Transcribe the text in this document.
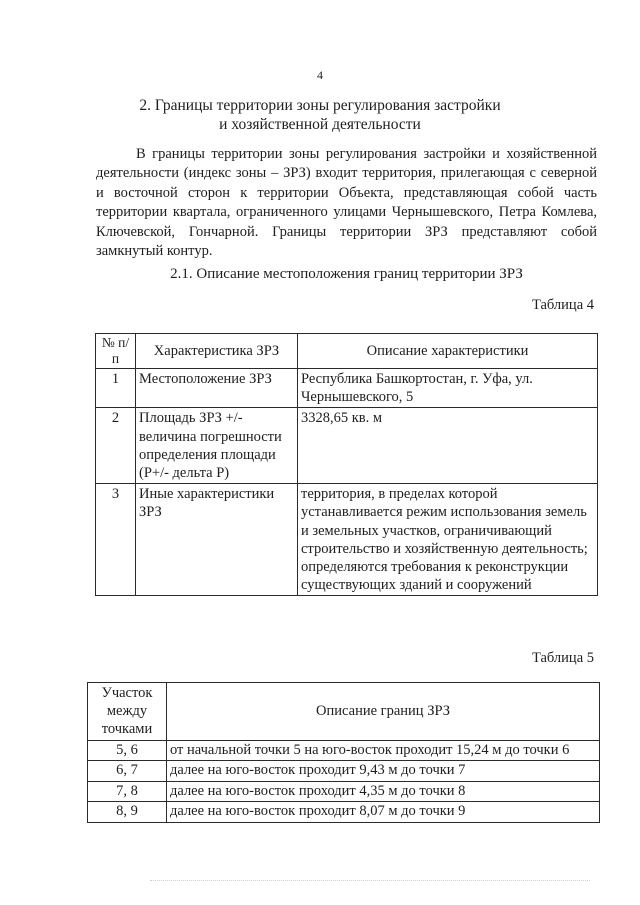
4
2. Границы территории зоны регулирования застройки
и хозяйственной деятельности
В границы территории зоны регулирования застройки и хозяйственной деятельности (индекс зоны – ЗРЗ) входит территория, прилегающая с северной и восточной сторон к территории Объекта, представляющая собой часть территории квартала, ограниченного улицами Чернышевского, Петра Комлева, Ключевской, Гончарной. Границы территории ЗРЗ представляют собой замкнутый контур.
2.1. Описание местоположения границ территории ЗРЗ
Таблица 4
№ п/п	Характеристика ЗРЗ	Описание характеристики
1	Местоположение ЗРЗ	Республика Башкортостан, г. Уфа, ул. Чернышевского, 5
2	Площадь ЗРЗ +/- величина погрешности определения площади (Р+/- дельта Р)	3328,65 кв. м
3	Иные характеристики ЗРЗ	территория, в пределах которой устанавливается режим использования земель и земельных участков, ограничивающий строительство и хозяйственную деятельность; определяются требования к реконструкции существующих зданий и сооружений
Таблица 5
Участок между точками	Описание границ ЗРЗ
5, 6	от начальной точки 5 на юго-восток проходит 15,24 м до точки 6
6, 7	далее на юго-восток проходит 9,43 м до точки 7
7, 8	далее на юго-восток проходит 4,35 м до точки 8
8, 9	далее на юго-восток проходит 8,07 м до точки 9
